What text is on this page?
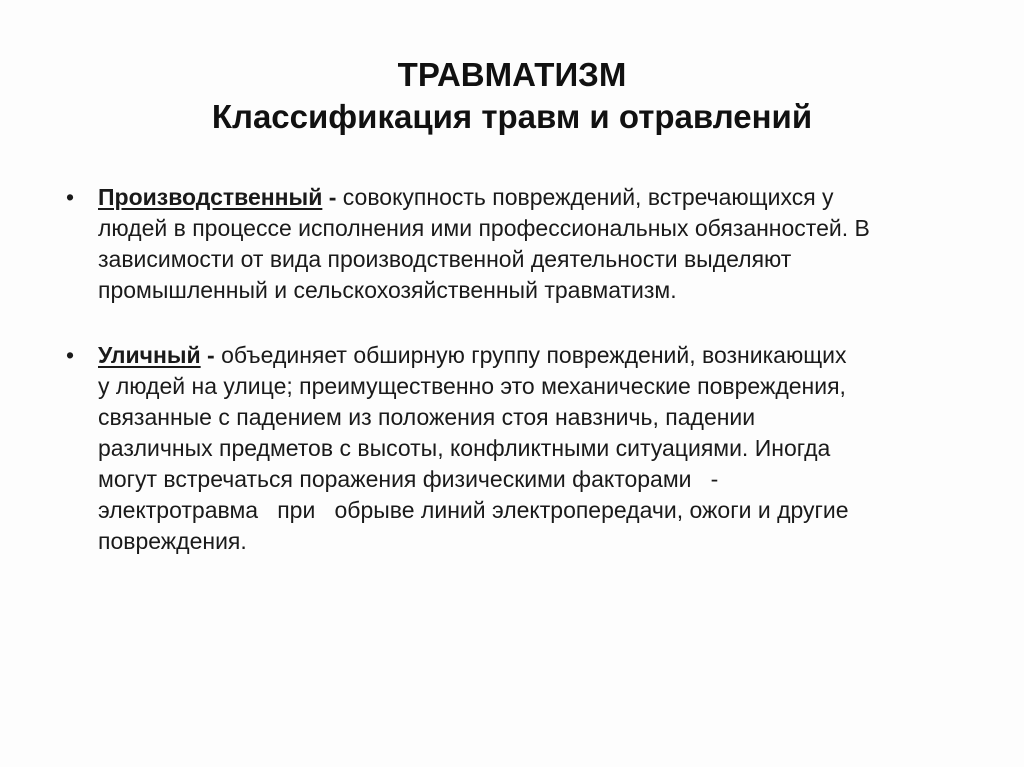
ТРАВМАТИЗМ
Классификация травм и отравлений
• Производственный - совокупность повреждений, встречающихся у
людей в процессе исполнения ими профессиональных обязанностей. В
зависимости от вида производственной деятельности выделяют
промышленный и сельскохозяйственный травматизм.
• Уличный - объединяет обширную группу повреждений, возникающих
у людей на улице; преимущественно это механические повреждения,
связанные с падением из положения стоя навзничь, падении
различных предметов с высоты, конфликтными ситуациями. Иногда
могут встречаться поражения физическими факторами   -
электротравма   при   обрыве линий электропередачи, ожоги и другие
повреждения.
